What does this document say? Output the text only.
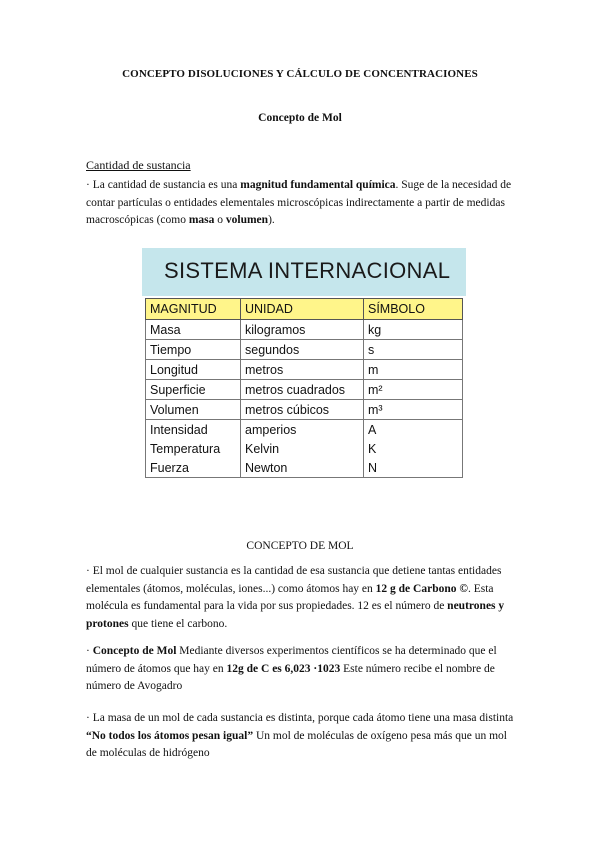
CONCEPTO DISOLUCIONES Y CÁLCULO DE CONCENTRACIONES
Concepto de Mol
Cantidad de sustancia
· La cantidad de sustancia es una magnitud fundamental química. Suge de la necesidad de contar partículas o entidades elementales microscópicas indirectamente a partir de medidas macroscópicas (como masa o volumen).
SISTEMA INTERNACIONAL
MAGNITUD	UNIDAD	SÍMBOLO
Masa	kilogramos	kg
Tiempo	segundos	s
Longitud	metros	m
Superficie	metros cuadrados	m²
Volumen	metros cúbicos	m³
Intensidad	amperios	A
Temperatura	Kelvin	K
Fuerza	Newton	N
CONCEPTO DE MOL
· El mol de cualquier sustancia es la cantidad de esa sustancia que detiene tantas entidades elementales (átomos, moléculas, iones...) como átomos hay en 12 g de Carbono ©. Esta molécula es fundamental para la vida por sus propiedades. 12 es el número de neutrones y protones que tiene el carbono.
· Concepto de Mol Mediante diversos experimentos científicos se ha determinado que el número de átomos que hay en 12g de C es 6,023 ·1023 Este número recibe el nombre de número de Avogadro
· La masa de un mol de cada sustancia es distinta, porque cada átomo tiene una masa distinta “No todos los átomos pesan igual” Un mol de moléculas de oxígeno pesa más que un mol de moléculas de hidrógeno
